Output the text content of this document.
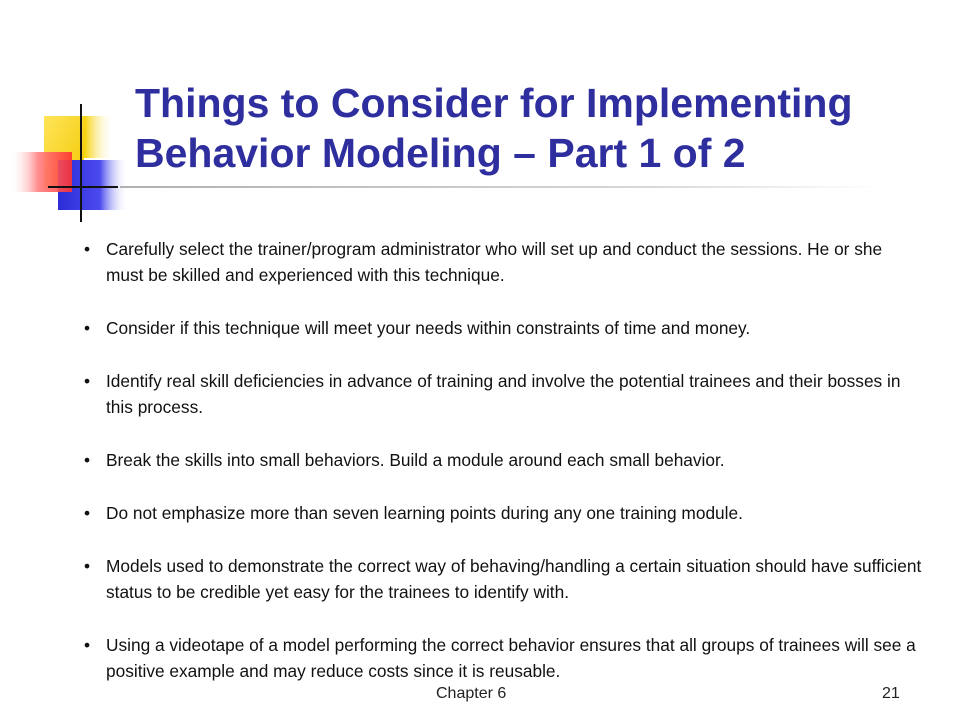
Things to Consider for Implementing
Behavior Modeling – Part 1 of 2
• Carefully select the trainer/program administrator who will set up and conduct the sessions. He or she must be skilled and experienced with this technique.
• Consider if this technique will meet your needs within constraints of time and money.
• Identify real skill deficiencies in advance of training and involve the potential trainees and their bosses in this process.
• Break the skills into small behaviors. Build a module around each small behavior.
• Do not emphasize more than seven learning points during any one training module.
• Models used to demonstrate the correct way of behaving/handling a certain situation should have sufficient status to be credible yet easy for the trainees to identify with.
• Using a videotape of a model performing the correct behavior ensures that all groups of trainees will see a positive example and may reduce costs since it is reusable.
Chapter 6	21
